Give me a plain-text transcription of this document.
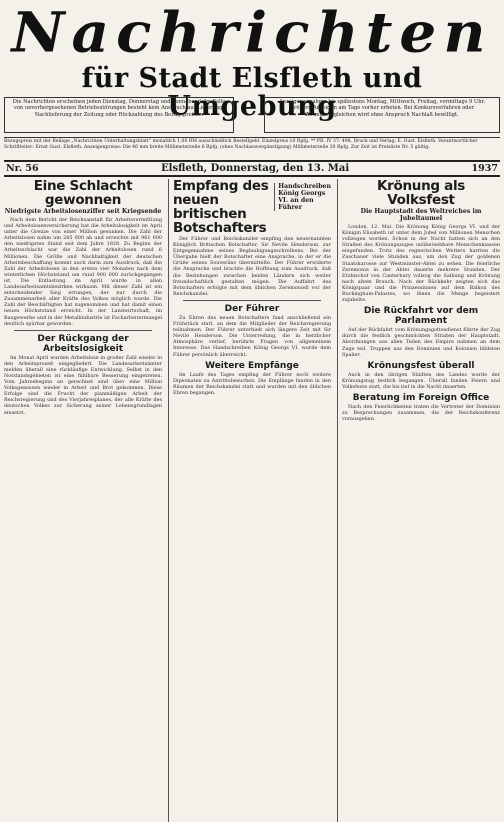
Nachrichten
für Stadt Elsfleth und Umgebung
Die Nachrichten erscheinen jeden Dienstag, Donnerstag und Sonnabend. Im Falle von unvorhergesehenen Betriebsstörungen besteht kein Anspruch auf Lieferung, Nachlieferung der Zeitung oder Rückzahlung des Bezugspreises.
Anzeigenannahme bis spätestens Montag, Mittwoch, Freitag, vormittags 9 Uhr. Größere Anzeigen am Tage vorher erbeten. Bei Konkursverfahren oder Zwangsvergleichen wird ohne Anspruch Nachlaß bewilligt.
Bezugspreis mit der Beilage „Nachrichten Unterhaltungsblatt“ monatlich 1,00 RM ausschließlich Bestellgeld. Einzelpreis 10 Rpfg. ** PR. IV 37: 498. Druck und Verlag: E. Gust. Elsfleth. Verantwortlicher Schriftleiter: Ernst Gust, Elsfleth. Anzeigenpreise: Die 46 mm breite Millimeterzeile 6 Rpfg. (ohne Nachlassvergünstigung) Millimeterzeile 20 Rpfg. Zur Zeit ist Preisliste Nr. 5 gültig.
Nr. 56	Elsfleth, Donnerstag, den 13. Mai	1937
Eine Schlacht gewonnen
Niedrigste Arbeitslosenziffer seit Kriegsende
Nach dem Bericht der Reichsanstalt für Arbeitsvermittlung und Arbeitslosenversicherung hat die Arbeitslosigkeit im April unter die Grenze von einer Million gesunken. Die Zahl der Arbeitslosen nahm um 285 000 ab und erreichte mit 961 000 den niedrigsten Stand seit dem Jahre 1928. Zu Beginn der Arbeitsschlacht war die Zahl der Arbeitslosen rund 6 Millionen. Die Größe und Nachhaltigkeit der deutschen Arbeitsbeschaffung kommt auch darin zum Ausdruck, daß die Zahl der Arbeitslosen in den ersten vier Monaten nach dem winterlichen Höchststand um rund 900 000 zurückgegangen ist. Die Entlastung im April wurde in allen Landesarbeitsamtsbezirken wirksam. Mit dieser Zahl ist ein entscheidender Sieg errungen, der nur durch die Zusammenarbeit aller Kräfte des Volkes möglich wurde. Die Zahl der Beschäftigten hat zugenommen und hat damit einen neuen Höchststand erreicht. In der Landwirtschaft, im Baugewerbe und in der Metallindustrie ist Facharbeitermangel deutlich spürbar geworden.
Der Rückgang der Arbeitslosigkeit
Im Monat April wurden Arbeitslose in großer Zahl wieder in den Arbeitsprozeß eingegliedert. Die Landesarbeitsämter melden überall eine rückläufige Entwicklung. Selbst in den Notstandsgebieten ist eine fühlbare Besserung eingetreten. Vom Jahresbeginn an gerechnet sind über eine Million Volksgenossen wieder in Arbeit und Brot gekommen. Diese Erfolge sind die Frucht der planmäßigen Arbeit der Reichsregierung und des Vierjahresplanes, der alle Kräfte des deutschen Volkes zur Sicherung seiner Lebensgrundlagen einsetzt.
Empfang des neuen britischen Botschafters
Handschreiben König Georgs VI. an den Führer
Der Führer und Reichskanzler empfing den neuernannten Königlich Britischen Botschafter, Sir Nevile Henderson, zur Entgegennahme seines Beglaubigungsschreibens. Bei der Übergabe hielt der Botschafter eine Ansprache, in der er die Grüße seines Souveräns übermittelte. Der Führer erwiderte die Ansprache und brachte die Hoffnung zum Ausdruck, daß die Beziehungen zwischen beiden Ländern sich weiter freundschaftlich gestalten mögen. Die Auffahrt des Botschafters erfolgte mit dem üblichen Zeremoniell vor der Reichskanzlei.
Der Führer
Zu Ehren des neuen Botschafters fand anschließend ein Frühstück statt, an dem die Mitglieder der Reichsregierung teilnahmen. Der Führer unterhielt sich längere Zeit mit Sir Nevile Henderson. Die Unterredung, die in herzlicher Atmosphäre verlief, berührte Fragen von allgemeinem Interesse. Das Handschreiben König Georgs VI. wurde dem Führer persönlich überreicht.
Weitere Empfänge
Im Laufe des Tages empfing der Führer noch weitere Diplomaten zu Antrittsbesuchen. Die Empfänge fanden in den Räumen der Reichskanzlei statt und wurden mit den üblichen Ehren begangen.
Krönung als Volksfest
Die Hauptstadt des Weltreiches im Jubeltaumel
London, 12. Mai. Die Krönung König Georgs VI. und der Königin Elisabeth ist unter dem Jubel von Millionen Menschen vollzogen worden. Schon in der Nacht hatten sich an den Straßen des Krönungszuges unübersehbare Menschenmassen eingefunden. Trotz des regnerischen Wetters harrten die Zuschauer viele Stunden aus, um den Zug der goldenen Staatskarosse zur Westminster-Abtei zu sehen. Die feierliche Zeremonie in der Abtei dauerte mehrere Stunden. Der Erzbischof von Canterbury vollzog die Salbung und Krönung nach altem Brauch. Nach der Rückkehr zeigten sich das Königspaar und die Prinzessinnen auf dem Balkon des Buckingham-Palastes, wo ihnen die Menge begeistert zujubelte.
Die Rückfahrt vor dem Parlament
Auf der Rückfahrt vom Krönungsgottesdienst führte der Zug durch die festlich geschmückten Straßen der Hauptstadt. Abordnungen aus allen Teilen des Empire nahmen an dem Zuge teil. Truppen aus den Dominien und Kolonien bildeten Spalier.
Krönungsfest überall
Auch in den übrigen Städten des Landes wurde der Krönungstag festlich begangen. Überall fanden Feiern und Volksfeste statt, die bis tief in die Nacht dauerten.
Beratung im Foreign Office
Nach den Feierlichkeiten traten die Vertreter der Dominien zu Besprechungen zusammen, die der Reichskonferenz vorausgehen.
